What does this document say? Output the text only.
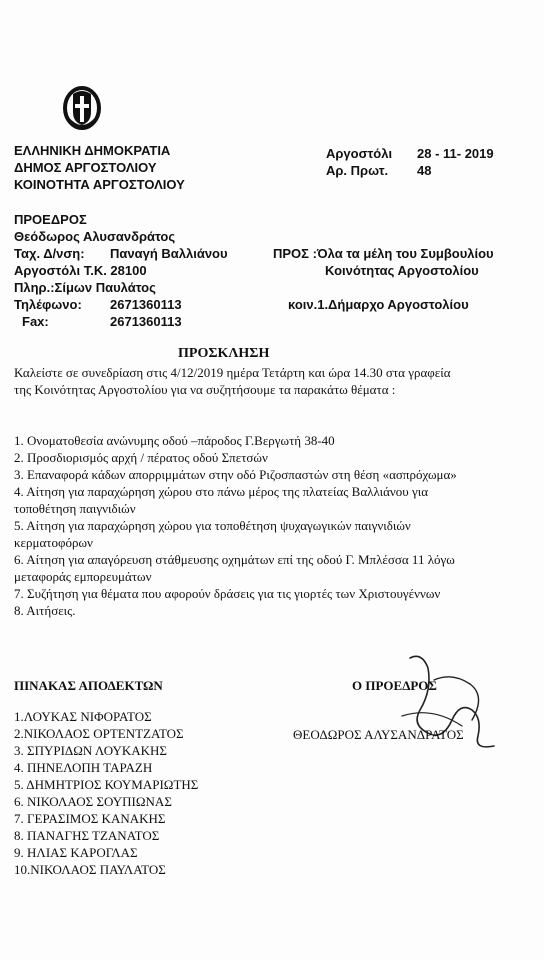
ΕΛΛΗΝΙΚΗ ΔΗΜΟΚΡΑΤΙΑ
ΔΗΜΟΣ ΑΡΓΟΣΤΟΛΙΟΥ
ΚΟΙΝΟΤΗΤΑ ΑΡΓΟΣΤΟΛΙΟΥ
Αργοστόλι 28 - 11- 2019
Αρ. Πρωτ. 48
ΠΡΟΕΔΡΟΣ
Θεόδωρος Αλυσανδράτος
Ταχ. Δ/νση: Παναγή Βαλλιάνου
Αργοστόλι Τ.Κ. 28100
Πληρ.:Σίμων Παυλάτος
Τηλέφωνο: 2671360113
Fax:	2671360113
ΠΡΟΣ :Όλα τα μέλη του Συμβουλίου
Κοινότητας Αργοστολίου
κοιν.1.Δήμαρχο Αργοστολίου
ΠΡΟΣΚΛΗΣΗ
Καλείστε σε συνεδρίαση στις 4/12/2019 ημέρα Τετάρτη και ώρα 14.30 στα γραφεία
της Κοινότητας Αργοστολίου για να συζητήσουμε τα παρακάτω θέματα :
1. Ονοματοθεσία ανώνυμης οδού –πάροδος Γ.Βεργωτή 38-40
2. Προσδιορισμός αρχή / πέρατος οδού Σπετσών
3. Επαναφορά κάδων απορριμμάτων στην οδό Ριζοσπαστών στη θέση «ασπρόχωμα»
4. Αίτηση για παραχώρηση χώρου στο πάνω μέρος της πλατείας Βαλλιάνου για
τοποθέτηση παιγνιδιών
5. Αίτηση για παραχώρηση χώρου για τοποθέτηση ψυχαγωγικών παιγνιδιών
κερματοφόρων
6. Αίτηση για απαγόρευση στάθμευσης οχημάτων επί της οδού Γ. Μπλέσσα 11 λόγω
μεταφοράς εμπορευμάτων
7. Συζήτηση για θέματα που αφορούν δράσεις για τις γιορτές των Χριστουγέννων
8. Αιτήσεις.
ΠΙΝΑΚΑΣ ΑΠΟΔΕΚΤΩΝ
1.ΛΟΥΚΑΣ ΝΙΦΟΡΑΤΟΣ
2.ΝΙΚΟΛΑΟΣ ΟΡΤΕΝΤΖΑΤΟΣ
3. ΣΠΥΡΙΔΩΝ ΛΟΥΚΑΚΗΣ
4. ΠΗΝΕΛΟΠΗ ΤΑΡΑΖΗ
5. ΔΗΜΗΤΡΙΟΣ ΚΟΥΜΑΡΙΩΤΗΣ
6. ΝΙΚΟΛΑΟΣ ΣΟΥΠΙΩΝΑΣ
7. ΓΕΡΑΣΙΜΟΣ ΚΑΝΑΚΗΣ
8. ΠΑΝΑΓΗΣ ΤΖΑΝΑΤΟΣ
9. ΗΛΙΑΣ ΚΑΡΟΓΛΑΣ
10.ΝΙΚΟΛΑΟΣ ΠΑΥΛΑΤΟΣ
Ο ΠΡΟΕΔΡΟΣ
ΘΕΟΔΩΡΟΣ ΑΛΥΣΑΝΔΡΑΤΟΣ
